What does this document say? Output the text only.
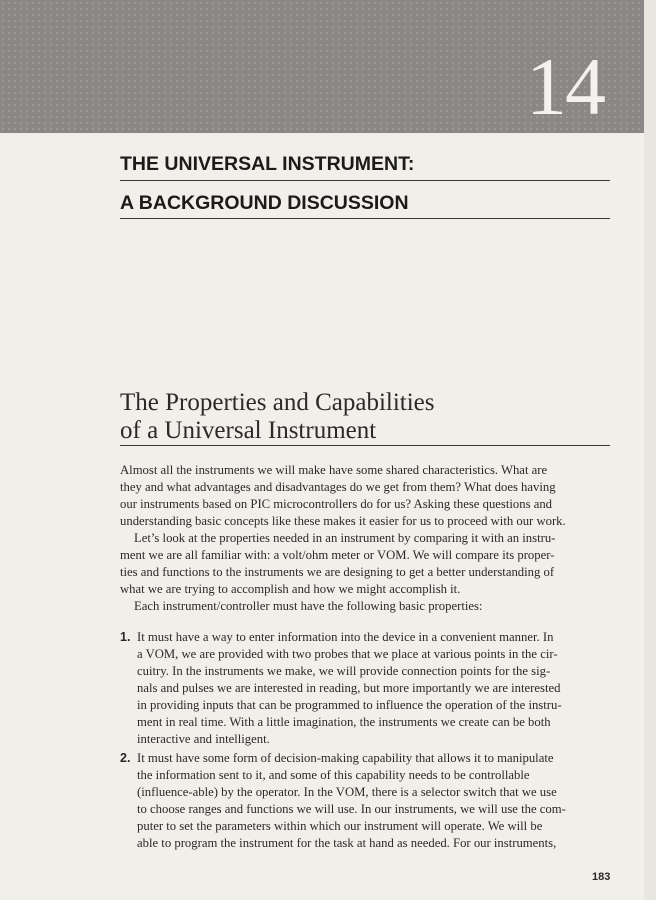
14
THE UNIVERSAL INSTRUMENT:
A BACKGROUND DISCUSSION
The Properties and Capabilities
of a Universal Instrument
Almost all the instruments we will make have some shared characteristics. What are
they and what advantages and disadvantages do we get from them? What does having
our instruments based on PIC microcontrollers do for us? Asking these questions and
understanding basic concepts like these makes it easier for us to proceed with our work.
Let’s look at the properties needed in an instrument by comparing it with an instru-
ment we are all familiar with: a volt/ohm meter or VOM. We will compare its proper-
ties and functions to the instruments we are designing to get a better understanding of
what we are trying to accomplish and how we might accomplish it.
Each instrument/controller must have the following basic properties:
1. It must have a way to enter information into the device in a convenient manner. In
a VOM, we are provided with two probes that we place at various points in the cir-
cuitry. In the instruments we make, we will provide connection points for the sig-
nals and pulses we are interested in reading, but more importantly we are interested
in providing inputs that can be programmed to influence the operation of the instru-
ment in real time. With a little imagination, the instruments we create can be both
interactive and intelligent.
2. It must have some form of decision-making capability that allows it to manipulate
the information sent to it, and some of this capability needs to be controllable
(influence-able) by the operator. In the VOM, there is a selector switch that we use
to choose ranges and functions we will use. In our instruments, we will use the com-
puter to set the parameters within which our instrument will operate. We will be
able to program the instrument for the task at hand as needed. For our instruments,
183
